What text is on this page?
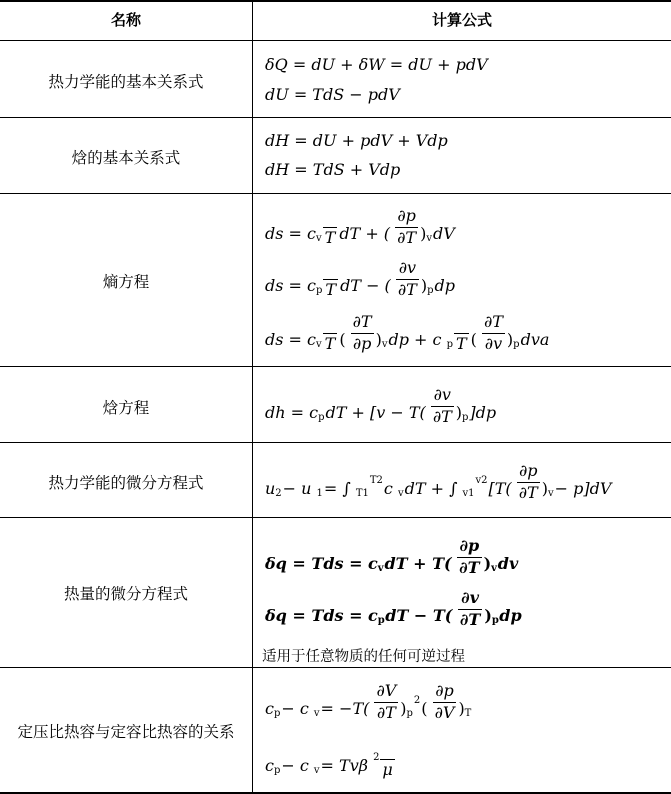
名称	计算公式
热力学能的基本关系式
焓的基本关系式
熵方程
焓方程
热力学能的微分方程式
热量的微分方程式
定压比热容与定容比热容的关系
δQ = dU + δW = dU + pdV
dU = TdS − pdV
dH = dU + pdV + Vdp
dH = TdS + Vdp
ds = c v T dT + (
∂p
∂T ) v dV
ds = c p T dT − (
∂v
∂T ) p dp
ds = c v T (
∂T
∂p ) v dp + c p T (
∂T
∂v ) p dva
dh = c p dT + [v − T(
∂v
∂T ) p ]dp
u 2 − u 1 = ∫ T1
T2 c v dT + ∫ v1
v2 [T(
∂p
∂T ) v − p]dV
δq = Tds = c v dT + T(
∂p
∂T ) v dv
δq = Tds = c p dT − T(
∂v
∂T ) p dp
c p − c v = −T(
∂V
∂T ) p
2 (
∂p
∂V ) T
c p − c v = Tvβ 2
μ
适用于任意物质的任何可逆过程
